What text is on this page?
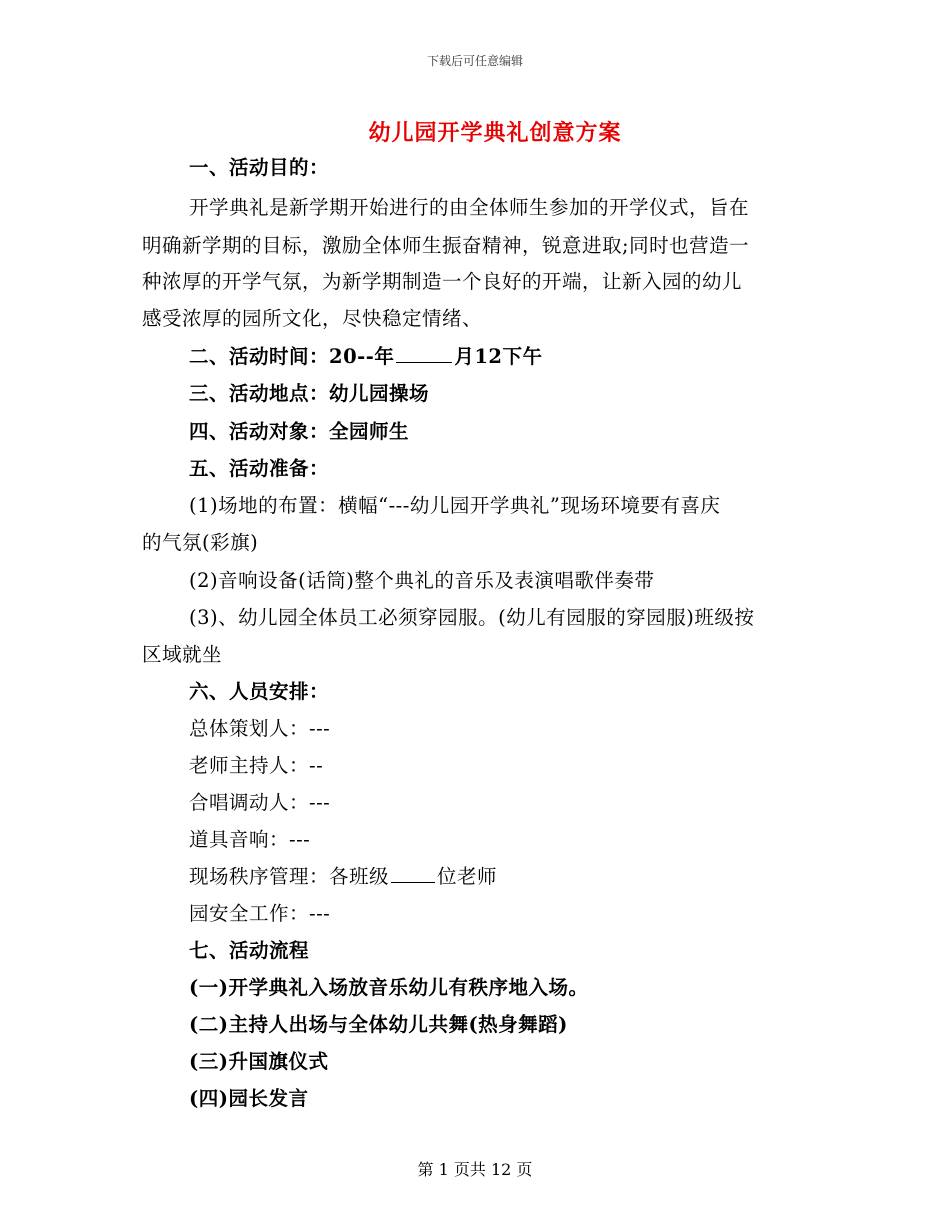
下载后可任意编辑
幼儿园开学典礼创意方案
一、活动目的：
开学典礼是新学期开始进行的由全体师生参加的开学仪式，旨在
明确新学期的目标，激励全体师生振奋精神，锐意进取;同时也营造一
种浓厚的开学气氛，为新学期制造一个良好的开端，让新入园的幼儿
感受浓厚的园所文化，尽快稳定情绪、
二、活动时间：20--年	月12下午
三、活动地点：幼儿园操场
四、活动对象：全园师生
五、活动准备：
(1)场地的布置：横幅“---幼儿园开学典礼”现场环境要有喜庆
的气氛(彩旗)
(2)音响设备(话筒)整个典礼的音乐及表演唱歌伴奏带
(3)、幼儿园全体员工必须穿园服。(幼儿有园服的穿园服)班级按
区域就坐
六、人员安排：
总体策划人：---
老师主持人：--
合唱调动人：---
道具音响：---
现场秩序管理：各班级 位老师
园安全工作：---
七、活动流程
(一)开学典礼入场放音乐幼儿有秩序地入场。
(二)主持人出场与全体幼儿共舞(热身舞蹈)
(三)升国旗仪式
(四)园长发言
第 1 页共 12 页
